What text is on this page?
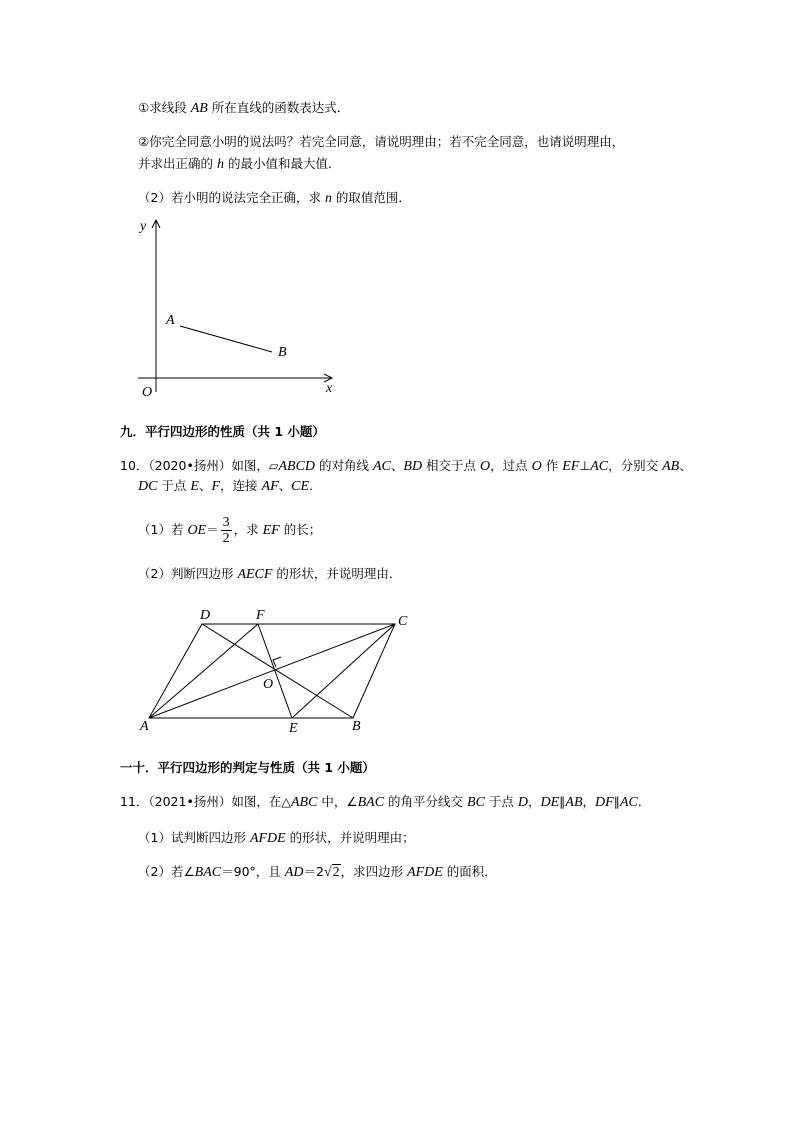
①求线段 AB 所在直线的函数表达式．
②你完全同意小明的说法吗？若完全同意，请说明理由；若不完全同意，也请说明理由，
并求出正确的 h 的最小值和最大值．
（2）若小明的说法完全正确，求 n 的取值范围．
y
x
O
A
B
九．平行四边形的性质（共 1 小题）
10．（2020•扬州）如图，▱ABCD 的对角线 AC、BD 相交于点 O，过点 O 作 EF⊥AC，分别交 AB、
DC 于点 E、F，连接 AF、CE．
（1）若 $OE= \frac{3}{2}$ ，求 EF 的长；
（2）判断四边形 AECF 的形状，并说明理由．
D	F	C
O
A	E	B
一十．平行四边形的判定与性质（共 1 小题）
11．（2021•扬州）如图，在△ABC 中，∠BAC 的角平分线交 BC 于点 D，DE∥AB，DF∥AC．
（1）试判断四边形 AFDE 的形状，并说明理由；
（2）若∠BAC＝90°，且 AD＝2√2，求四边形 AFDE 的面积．
